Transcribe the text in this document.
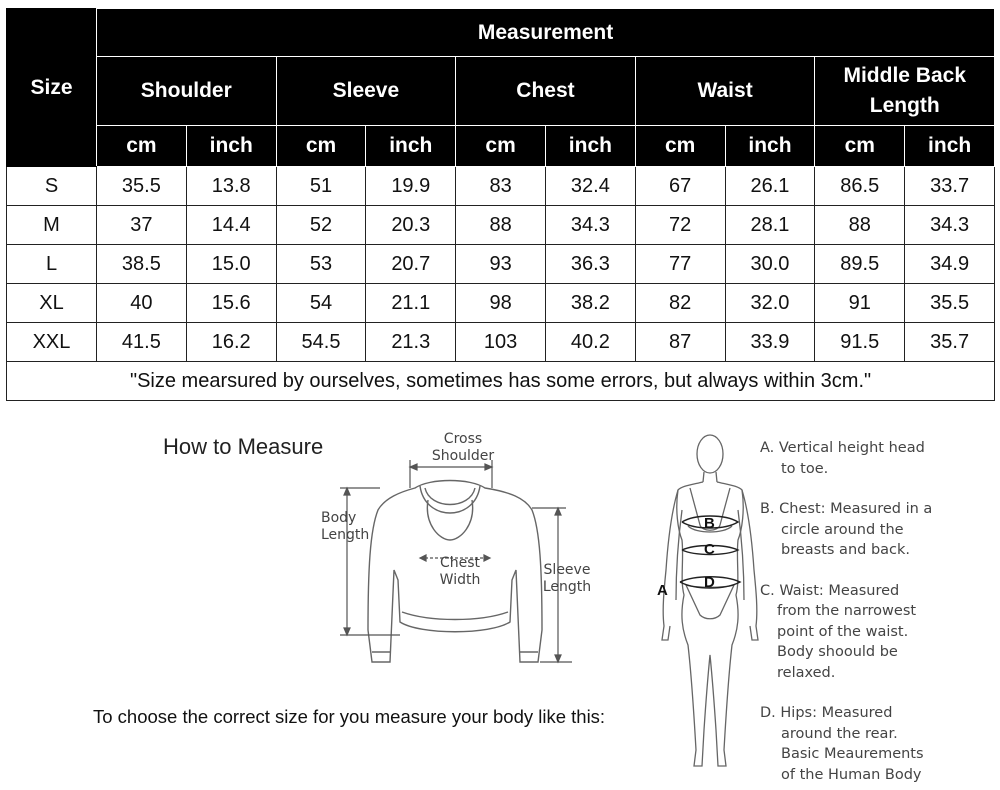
Size	Measurement									
	Shoulder		Sleeve		Chest		Waist		Middle Back Length	
	cm	inch	cm	inch	cm	inch	cm	inch	cm	inch
S	35.5	13.8	51	19.9	83	32.4	67	26.1	86.5	33.7
M	37	14.4	52	20.3	88	34.3	72	28.1	88	34.3
L	38.5	15.0	53	20.7	93	36.3	77	30.0	89.5	34.9
XL	40	15.6	54	21.1	98	38.2	82	32.0	91	35.5
XXL	41.5	16.2	54.5	21.3	103	40.2	87	33.9	91.5	35.7
"Size mearsured by ourselves, sometimes has some errors, but always within 3cm."										
How to Measure	Cross
Shoulder
Body
Length
Chest
Width
Sleeve
Length
To choose the correct size for you measure your body like this:
B
C
D
A
A. Vertical height head
to toe.
B. Chest: Measured in a
circle around the
breasts and back.
C. Waist: Measured
from the narrowest
point of the waist.
Body shoould be
relaxed.
D. Hips: Measured
around the rear.
Basic Meaurements
of the Human Body
